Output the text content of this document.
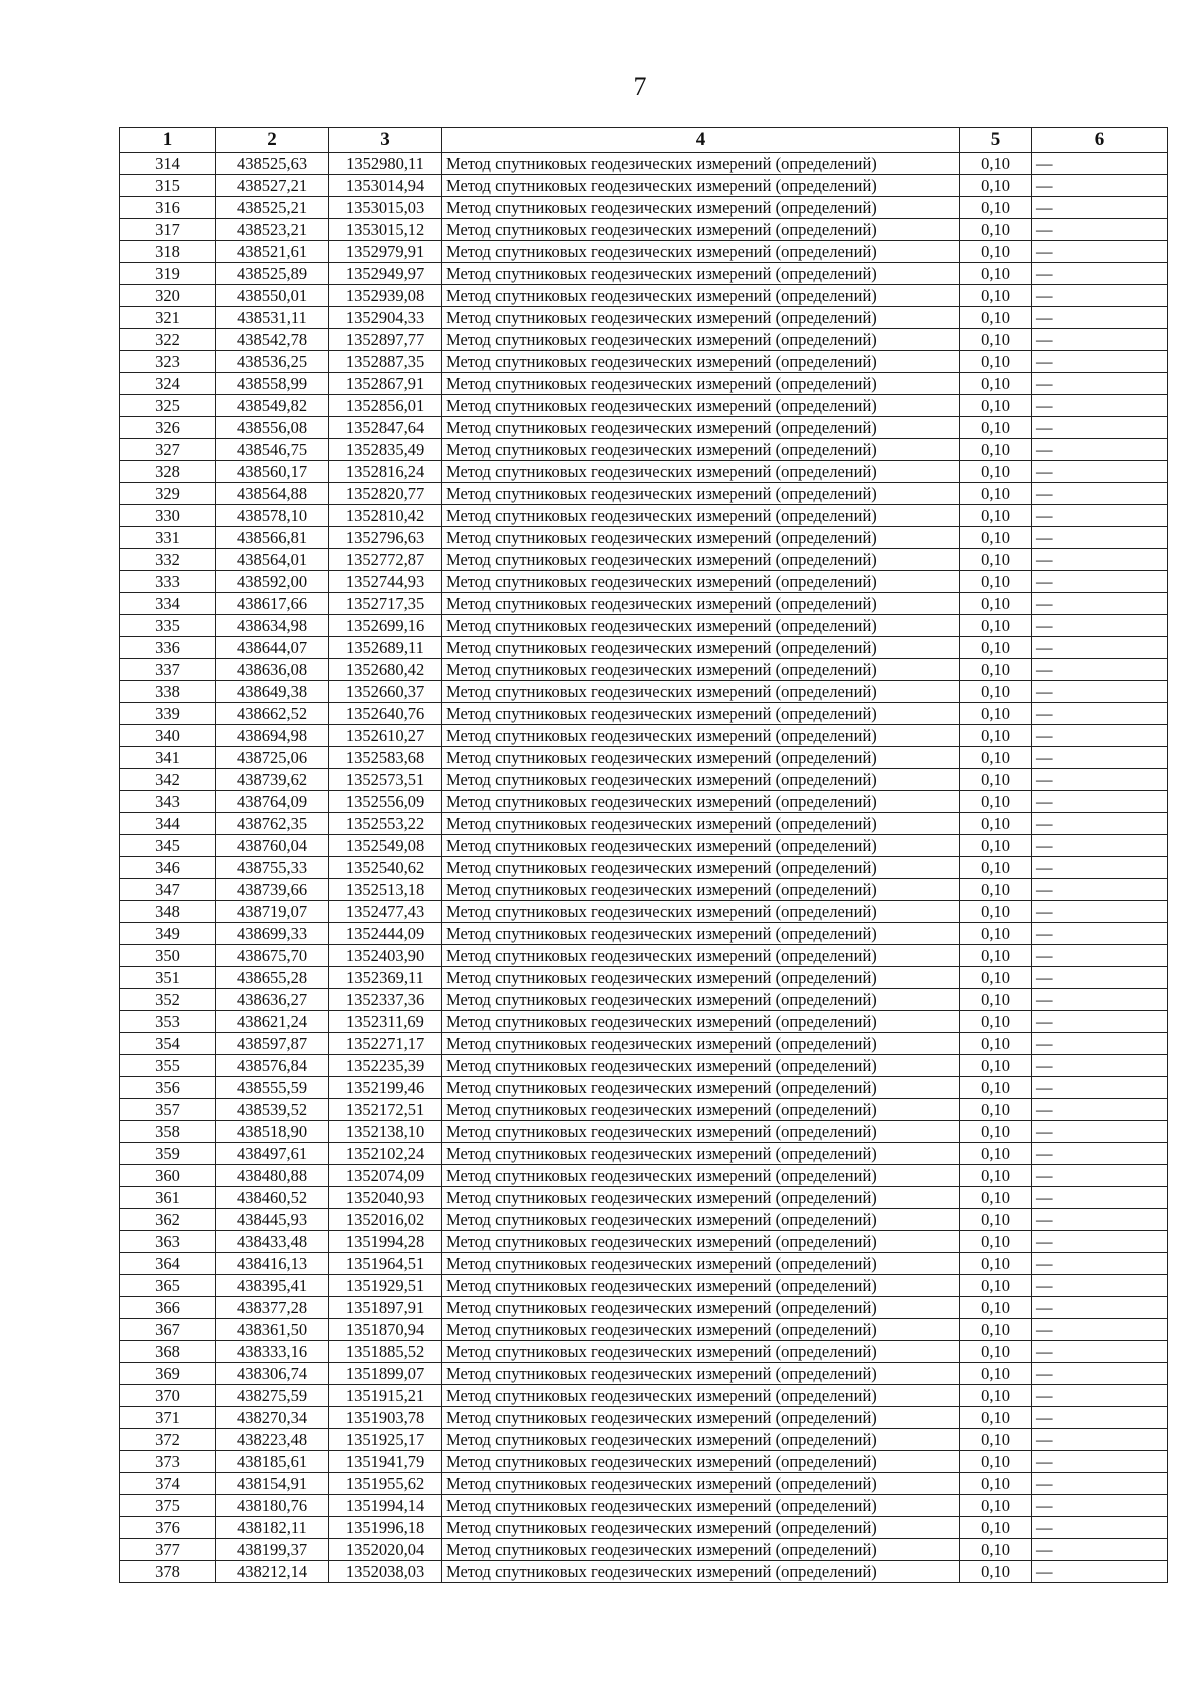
7
1	2	3	4	5	6
314	438525,63	1352980,11	Метод спутниковых геодезических измерений (определений)	0,10	—
315	438527,21	1353014,94	Метод спутниковых геодезических измерений (определений)	0,10	—
316	438525,21	1353015,03	Метод спутниковых геодезических измерений (определений)	0,10	—
317	438523,21	1353015,12	Метод спутниковых геодезических измерений (определений)	0,10	—
318	438521,61	1352979,91	Метод спутниковых геодезических измерений (определений)	0,10	—
319	438525,89	1352949,97	Метод спутниковых геодезических измерений (определений)	0,10	—
320	438550,01	1352939,08	Метод спутниковых геодезических измерений (определений)	0,10	—
321	438531,11	1352904,33	Метод спутниковых геодезических измерений (определений)	0,10	—
322	438542,78	1352897,77	Метод спутниковых геодезических измерений (определений)	0,10	—
323	438536,25	1352887,35	Метод спутниковых геодезических измерений (определений)	0,10	—
324	438558,99	1352867,91	Метод спутниковых геодезических измерений (определений)	0,10	—
325	438549,82	1352856,01	Метод спутниковых геодезических измерений (определений)	0,10	—
326	438556,08	1352847,64	Метод спутниковых геодезических измерений (определений)	0,10	—
327	438546,75	1352835,49	Метод спутниковых геодезических измерений (определений)	0,10	—
328	438560,17	1352816,24	Метод спутниковых геодезических измерений (определений)	0,10	—
329	438564,88	1352820,77	Метод спутниковых геодезических измерений (определений)	0,10	—
330	438578,10	1352810,42	Метод спутниковых геодезических измерений (определений)	0,10	—
331	438566,81	1352796,63	Метод спутниковых геодезических измерений (определений)	0,10	—
332	438564,01	1352772,87	Метод спутниковых геодезических измерений (определений)	0,10	—
333	438592,00	1352744,93	Метод спутниковых геодезических измерений (определений)	0,10	—
334	438617,66	1352717,35	Метод спутниковых геодезических измерений (определений)	0,10	—
335	438634,98	1352699,16	Метод спутниковых геодезических измерений (определений)	0,10	—
336	438644,07	1352689,11	Метод спутниковых геодезических измерений (определений)	0,10	—
337	438636,08	1352680,42	Метод спутниковых геодезических измерений (определений)	0,10	—
338	438649,38	1352660,37	Метод спутниковых геодезических измерений (определений)	0,10	—
339	438662,52	1352640,76	Метод спутниковых геодезических измерений (определений)	0,10	—
340	438694,98	1352610,27	Метод спутниковых геодезических измерений (определений)	0,10	—
341	438725,06	1352583,68	Метод спутниковых геодезических измерений (определений)	0,10	—
342	438739,62	1352573,51	Метод спутниковых геодезических измерений (определений)	0,10	—
343	438764,09	1352556,09	Метод спутниковых геодезических измерений (определений)	0,10	—
344	438762,35	1352553,22	Метод спутниковых геодезических измерений (определений)	0,10	—
345	438760,04	1352549,08	Метод спутниковых геодезических измерений (определений)	0,10	—
346	438755,33	1352540,62	Метод спутниковых геодезических измерений (определений)	0,10	—
347	438739,66	1352513,18	Метод спутниковых геодезических измерений (определений)	0,10	—
348	438719,07	1352477,43	Метод спутниковых геодезических измерений (определений)	0,10	—
349	438699,33	1352444,09	Метод спутниковых геодезических измерений (определений)	0,10	—
350	438675,70	1352403,90	Метод спутниковых геодезических измерений (определений)	0,10	—
351	438655,28	1352369,11	Метод спутниковых геодезических измерений (определений)	0,10	—
352	438636,27	1352337,36	Метод спутниковых геодезических измерений (определений)	0,10	—
353	438621,24	1352311,69	Метод спутниковых геодезических измерений (определений)	0,10	—
354	438597,87	1352271,17	Метод спутниковых геодезических измерений (определений)	0,10	—
355	438576,84	1352235,39	Метод спутниковых геодезических измерений (определений)	0,10	—
356	438555,59	1352199,46	Метод спутниковых геодезических измерений (определений)	0,10	—
357	438539,52	1352172,51	Метод спутниковых геодезических измерений (определений)	0,10	—
358	438518,90	1352138,10	Метод спутниковых геодезических измерений (определений)	0,10	—
359	438497,61	1352102,24	Метод спутниковых геодезических измерений (определений)	0,10	—
360	438480,88	1352074,09	Метод спутниковых геодезических измерений (определений)	0,10	—
361	438460,52	1352040,93	Метод спутниковых геодезических измерений (определений)	0,10	—
362	438445,93	1352016,02	Метод спутниковых геодезических измерений (определений)	0,10	—
363	438433,48	1351994,28	Метод спутниковых геодезических измерений (определений)	0,10	—
364	438416,13	1351964,51	Метод спутниковых геодезических измерений (определений)	0,10	—
365	438395,41	1351929,51	Метод спутниковых геодезических измерений (определений)	0,10	—
366	438377,28	1351897,91	Метод спутниковых геодезических измерений (определений)	0,10	—
367	438361,50	1351870,94	Метод спутниковых геодезических измерений (определений)	0,10	—
368	438333,16	1351885,52	Метод спутниковых геодезических измерений (определений)	0,10	—
369	438306,74	1351899,07	Метод спутниковых геодезических измерений (определений)	0,10	—
370	438275,59	1351915,21	Метод спутниковых геодезических измерений (определений)	0,10	—
371	438270,34	1351903,78	Метод спутниковых геодезических измерений (определений)	0,10	—
372	438223,48	1351925,17	Метод спутниковых геодезических измерений (определений)	0,10	—
373	438185,61	1351941,79	Метод спутниковых геодезических измерений (определений)	0,10	—
374	438154,91	1351955,62	Метод спутниковых геодезических измерений (определений)	0,10	—
375	438180,76	1351994,14	Метод спутниковых геодезических измерений (определений)	0,10	—
376	438182,11	1351996,18	Метод спутниковых геодезических измерений (определений)	0,10	—
377	438199,37	1352020,04	Метод спутниковых геодезических измерений (определений)	0,10	—
378	438212,14	1352038,03	Метод спутниковых геодезических измерений (определений)	0,10	—
